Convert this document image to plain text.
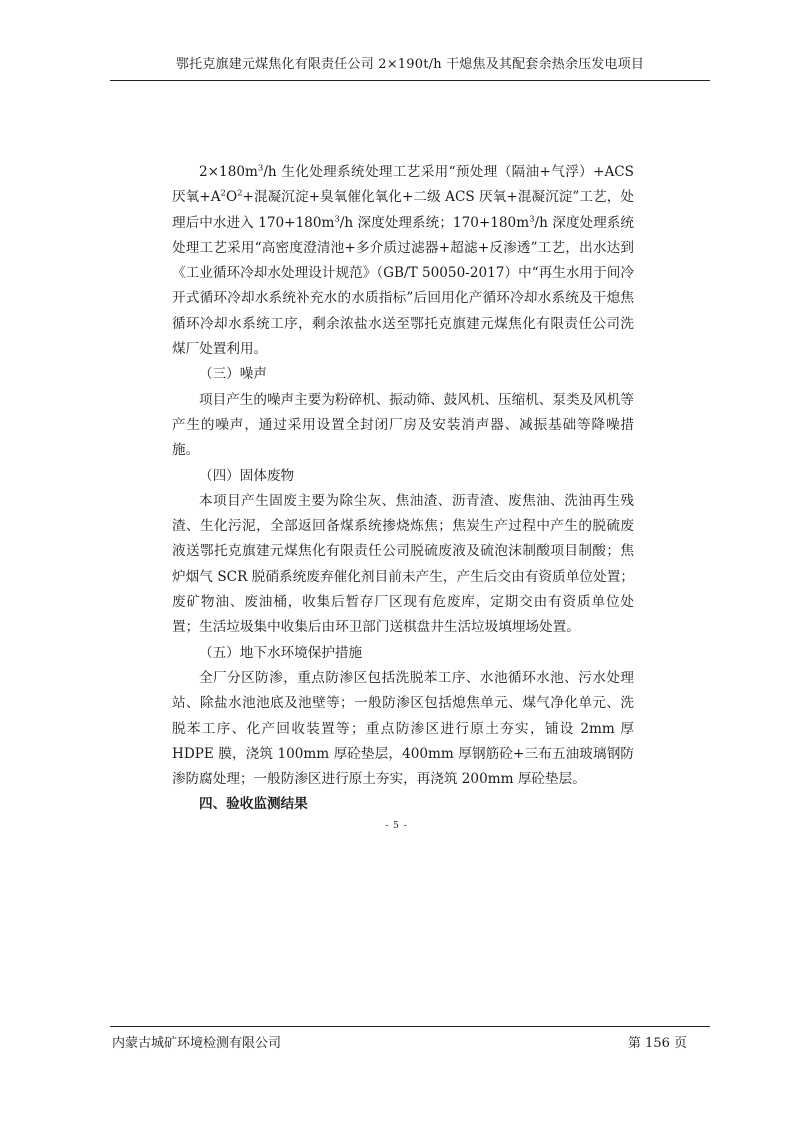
鄂托克旗建元煤焦化有限责任公司 2×190t/h 干熄焦及其配套余热余压发电项目

$2\times 180m^3/h$ 生化处理系统处理工艺采用“预处理（隔油+气浮）+ACS 厌氧$+A^2O^2+$混凝沉淀+臭氧催化氧化+二级 ACS 厌氧+混凝沉淀”工艺，处理后中水进入 $170+180m^3/h$ 深度处理系统；$170+180m^3/h$ 深度处理系统处理工艺采用“高密度澄清池+多介质过滤器+超滤+反渗透”工艺，出水达到《工业循环冷却水处理设计规范》（GB/T 50050-2017）中“再生水用于间冷开式循环冷却水系统补充水的水质指标”后回用化产循环冷却水系统及干熄焦循环冷却水系统工序，剩余浓盐水送至鄂托克旗建元煤焦化有限责任公司洗煤厂处置利用。

（三）噪声

项目产生的噪声主要为粉碎机、振动筛、鼓风机、压缩机、泵类及风机等产生的噪声，通过采用设置全封闭厂房及安装消声器、减振基础等降噪措施。

（四）固体废物

本项目产生固废主要为除尘灰、焦油渣、沥青渣、废焦油、洗油再生残渣、生化污泥，全部返回备煤系统掺烧炼焦；焦炭生产过程中产生的脱硫废液送鄂托克旗建元煤焦化有限责任公司脱硫废液及硫泡沫制酸项目制酸；焦炉烟气 SCR 脱硝系统废弃催化剂目前未产生，产生后交由有资质单位处置；废矿物油、废油桶，收集后暂存厂区现有危废库，定期交由有资质单位处置；生活垃圾集中收集后由环卫部门送棋盘井生活垃圾填埋场处置。

（五）地下水环境保护措施

全厂分区防渗，重点防渗区包括洗脱苯工序、水池循环水池、污水处理站、除盐水池池底及池壁等；一般防渗区包括熄焦单元、煤气净化单元、洗脱苯工序、化产回收装置等；重点防渗区进行原土夯实，铺设 2mm 厚 HDPE 膜，浇筑 100mm 厚砼垫层，400mm 厚钢筋砼+三布五油玻璃钢防渗防腐处理；一般防渗区进行原土夯实，再浇筑 200mm 厚砼垫层。

四、验收监测结果

- 5 -
内蒙古城矿环境检测有限公司	第 156 页
